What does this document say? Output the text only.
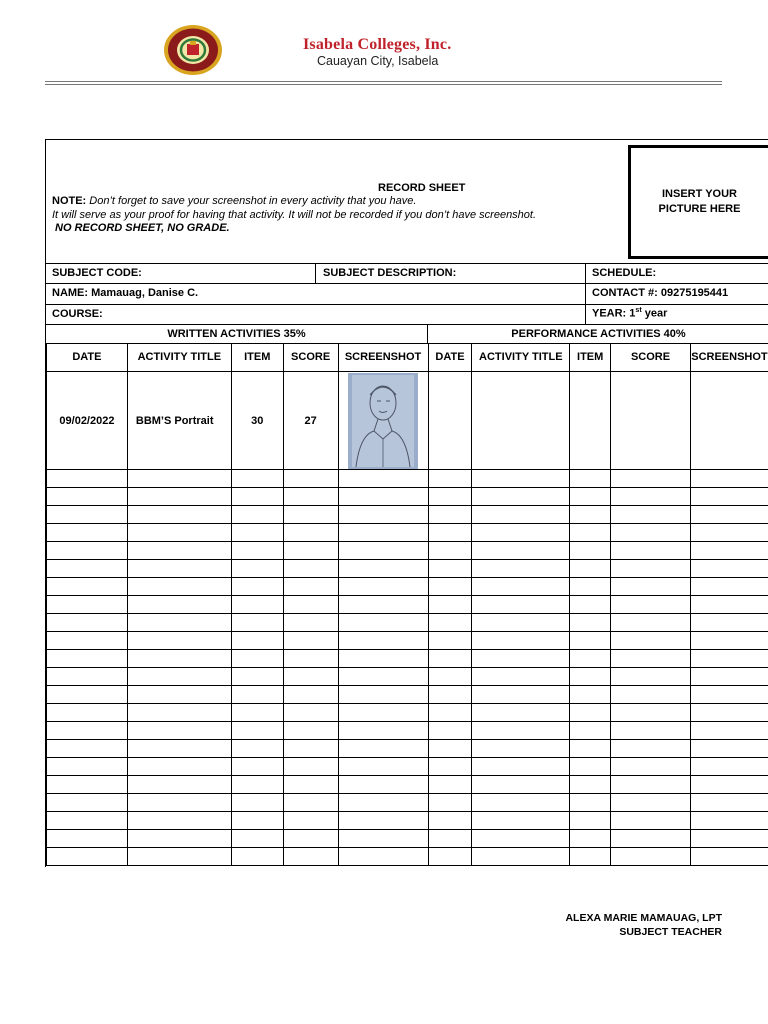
Isabela Colleges, Inc.
Cauayan City, Isabela
RECORD SHEET
NOTE: Don’t forget to save your screenshot in every activity that you have.
It will serve as your proof for having that activity. It will not be recorded if you don’t have screenshot.
NO RECORD SHEET, NO GRADE.
INSERT YOUR
PICTURE HERE
SUBJECT CODE:	SUBJECT DESCRIPTION:	SCHEDULE:
NAME: Mamauag, Danise C.	CONTACT #: 09275195441
COURSE:	YEAR: 1st year
WRITTEN ACTIVITIES 35%	PERFORMANCE ACTIVITIES 40%
DATE	ACTIVITY TITLE	ITEM	SCORE	SCREENSHOT	DATE	ACTIVITY TITLE	ITEM	SCORE	SCREENSHOT
09/02/2022	BBM’S Portrait	30	27	

ALEXA MARIE MAMAUAG, LPT
SUBJECT TEACHER
